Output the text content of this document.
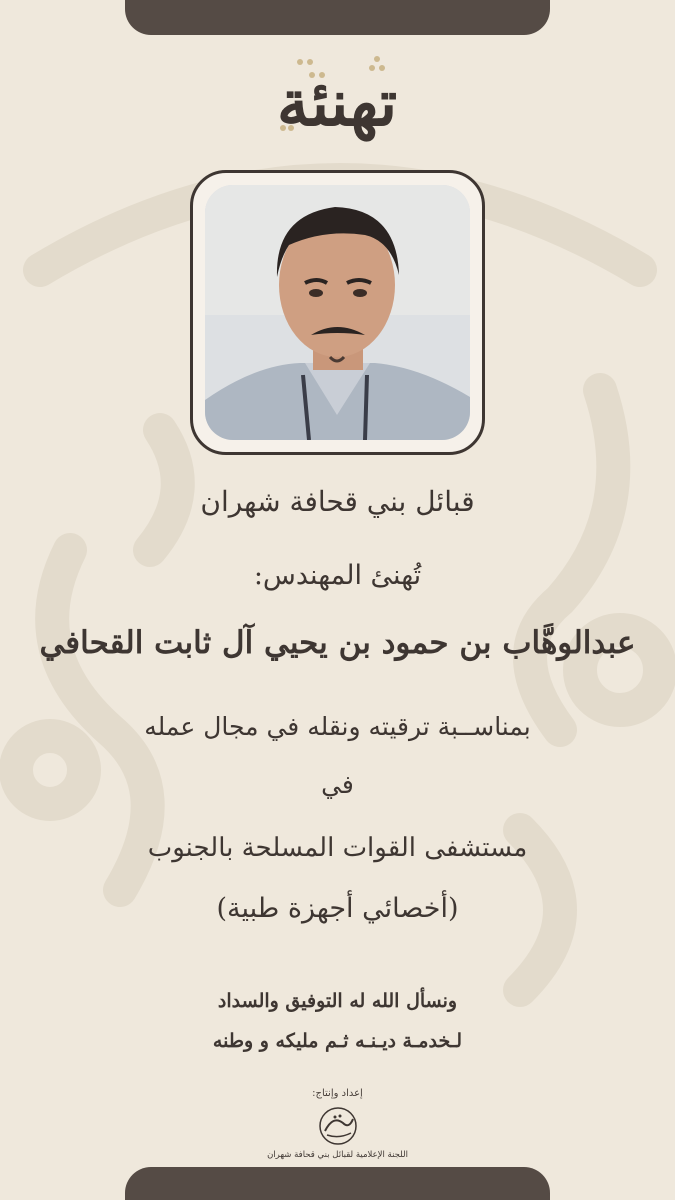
تهنئة
قبائل بني قحافة شهران
تُهنئ المهندس:
عبدالوهَّاب بن حمود بن يحيي آل ثابت القحافي
بمناســبة ترقيته ونقله في مجال عمله
في
مستشفى القوات المسلحة بالجنوب
(أخصائي أجهزة طبية)
ونسأل الله له التوفيق والسداد
لـخدمـة ديـنـه ثـم مليكه و وطنه
إعداد وإنتاج:
اللجنة الإعلامية لقبائل بني قحافة شهران
